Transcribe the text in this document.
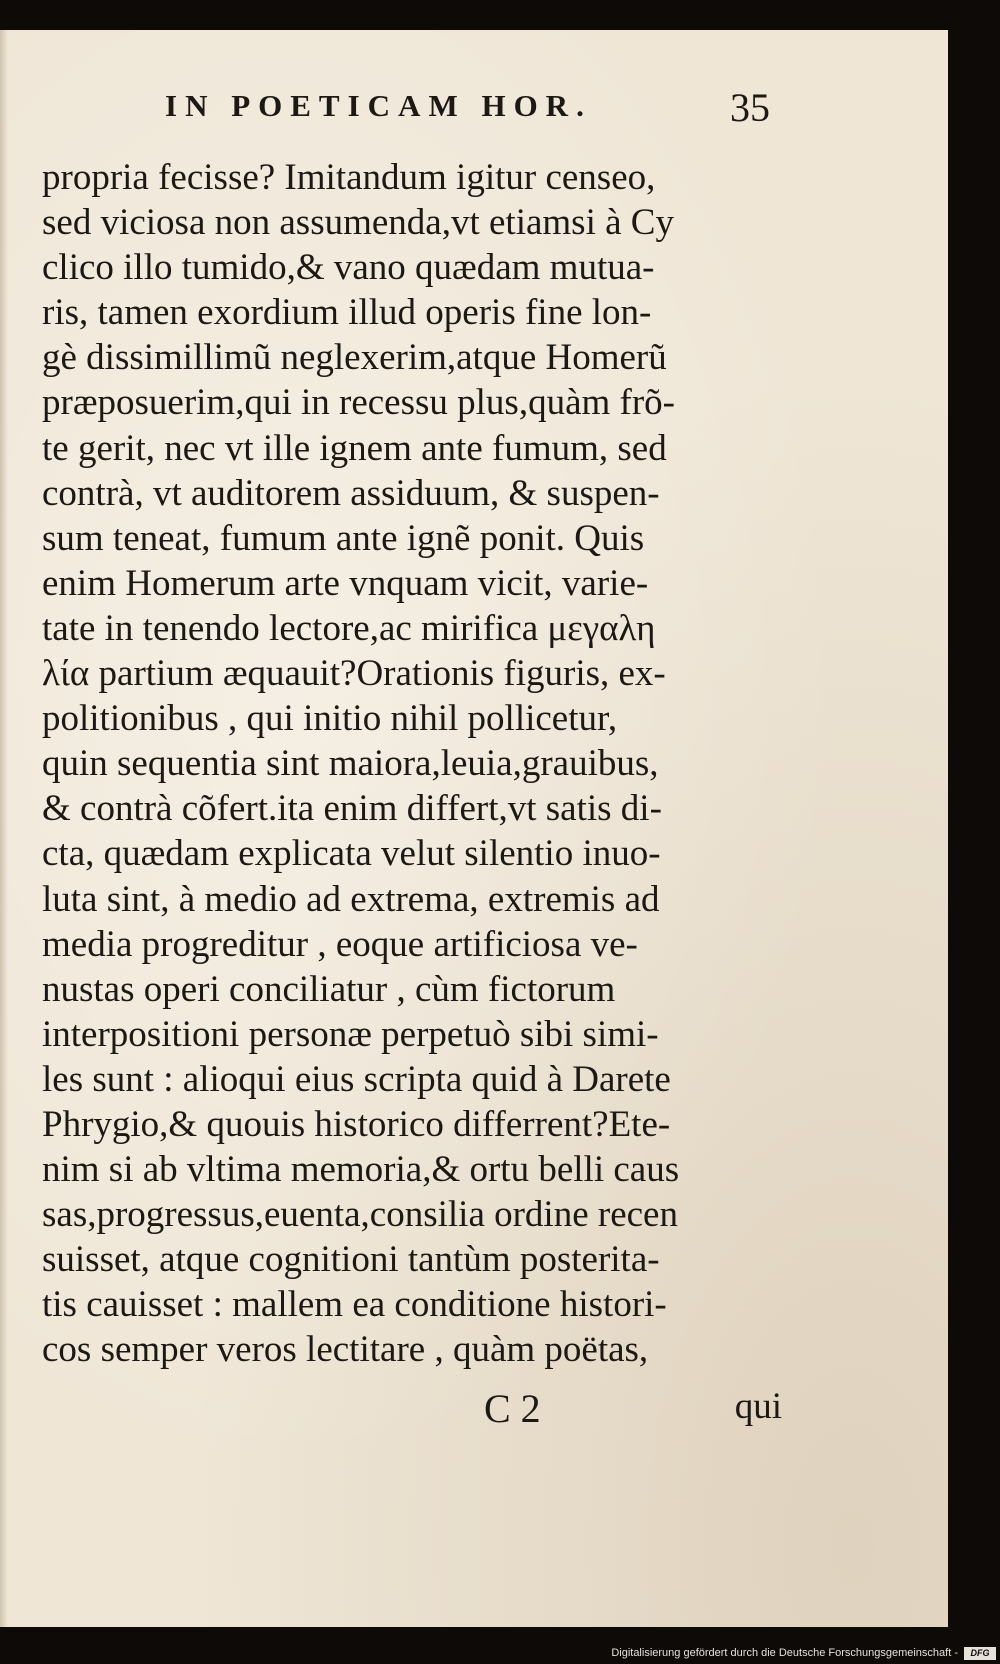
IN POETICAM HOR.	35
propria fecisse? Imitandum igitur censeo,
sed viciosa non assumenda,vt etiamsi à Cy
clico illo tumido,& vano quædam mutua-
ris, tamen exordium illud operis fine lon-
gè dissimillimũ neglexerim,atque Homerũ
præposuerim,qui in recessu plus,quàm frõ-
te gerit, nec vt ille ignem ante fumum, sed
contrà, vt auditorem assiduum, & suspen-
sum teneat, fumum ante ignẽ ponit. Quis
enim Homerum arte vnquam vicit, varie-
tate in tenendo lectore,ac mirifica μεγαλη
λία partium æquauit?Orationis figuris, ex-
politionibus , qui initio nihil pollicetur,
quin sequentia sint maiora,leuia,grauibus,
& contrà cõfert.ita enim differt,vt satis di-
cta, quædam explicata velut silentio inuo-
luta sint, à medio ad extrema, extremis ad
media progreditur , eoque artificiosa ve-
nustas operi conciliatur , cùm fictorum
interpositioni personæ perpetuò sibi simi-
les sunt : alioqui eius scripta quid à Darete
Phrygio,& quouis historico differrent?Ete-
nim si ab vltima memoria,& ortu belli caus
sas,progressus,euenta,consilia ordine recen
suisset, atque cognitioni tantùm posterita-
tis cauisset : mallem ea conditione histori-
cos semper veros lectitare , quàm poëtas,
C 2	qui
Digitalisierung gefördert durch die Deutsche Forschungsgemeinschaft -	DFG
